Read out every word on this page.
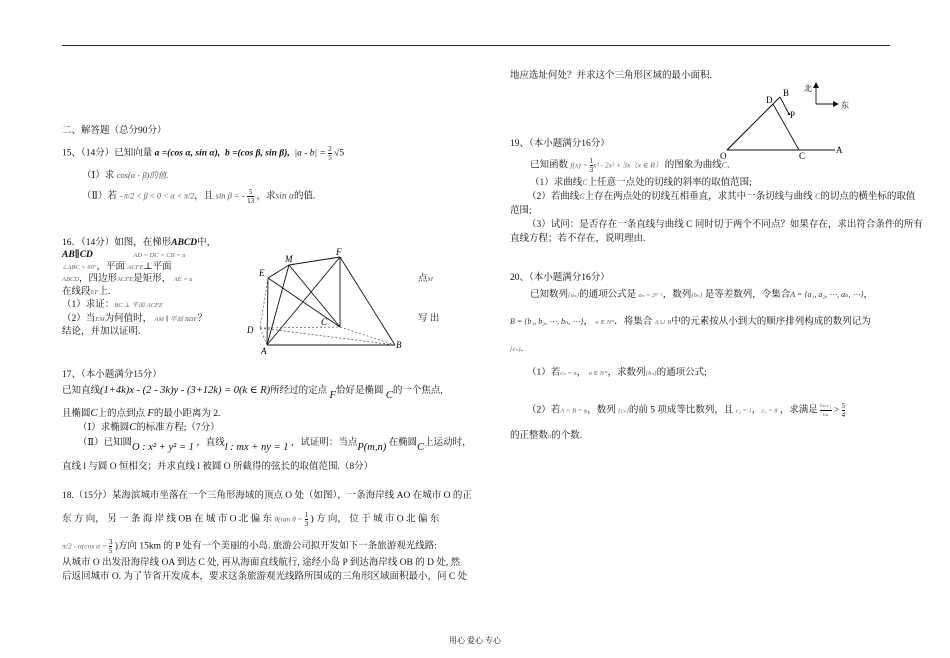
二、解答题（总分90分）
15、（14分）已知向量 a =(cos α, sin α), b =(cos β, sin β), $|a - b| = \frac{2}{5} √5$
（Ⅰ）求 cos(α - β)的值.
（Ⅱ）若 - π/2 < β < 0 < α < π/2，且 sin β = - $\frac{5}{13}$ ，求sin α的值.
16．（14分）如图，在梯形ABCD中，
AB∥CD	AD = DC = CB = a
∠ABC = 60°，平面 ACFE⊥平面
ABCD，四边形ACFE是矩形， AE = a	点M
在线段EF上.
（1）求证：BC ⊥ 平面 ACFE
（2）当EM为何值时， AM ∥ 平面 BDF？	写 出
结论，并加以证明.
M
F
E
C
D
A
B
17、（本小题满分15分）
已知直线(1+4k)x - (2 - 3k)y - (3+12k) = 0(k ∈ R)所经过的定点 F恰好是椭圆 C的一个焦点,
且椭圆C上的点到点 F的最小距离为 2.
（Ⅰ）求椭圆C的标准方程;（7分）
（Ⅱ）已知圆O : x² + y² = 1 ，直线l : mx + ny = 1 ，试证明：当点P(m,n) 在椭圆C上运动时，
直线 l 与圆 O 恒相交；并求直线 l 被圆 O 所截得的弦长的取值范围.（8分）
18.（15分）某海滨城市坐落在一个三角形海域的顶点 O 处（如图），一条海岸线 AO 在城市 O 的正
东 方 向， 另 一 条 海 岸 线 OB 在 城 市 O 北 偏 东 θ(tan $\theta = \frac{1}{3}$ ) 方 向， 位 于 城 市 O 北 偏 东
π/2 - α(cos $\alpha = \frac{3}{5}$ )方向 15km 的 P 处有一个美丽的小岛. 旅游公司拟开发如下一条旅游观光线路:
从城市 O 出发沿海岸线 OA 到达 C 处, 再从海面直线航行, 途经小岛 P 到达海岸线 OB 的 D 处, 然
后返回城市 O. 为了节省开发成本，要求这条旅游观光线路所围成的三角形区域面积最小，问 C 处
地应选址何处？并求这个三角形区域的最小面积.
B
D
P
O	C
A
北
东
19、（本小题满分16分）
已知函数 $f(x) = \frac{1}{3} x^3 - 2x^2 + 3x(x$ ∈ R） 的图象为曲线C.
（1）求曲线C上任意一点处的切线的斜率的取值范围;
（2）若曲线C上存在两点处的切线互相垂直，求其中一条切线与曲线 C的切点的横坐标的取值
范围;
（3）试问：是否存在一条直线与曲线 C 同时切于两个不同点？如果存在，求出符合条件的所有
直线方程；若不存在，说明理由.
20、（本小题满分16分）
已知数列{aₙ}的通项公式是 aₙ = 2ⁿ⁻¹，数列{bₙ} 是等差数列，令集合A = {a₁, a₂, ⋯, aₙ, ⋯}，
B = {b₁, b₂, ⋯, bₙ, ⋯}， n ∈ N*．将集合 A ∪ B中的元素按从小到大的顺序排列构成的数列记为
{cₙ}.
（1）若cₙ = n， n ∈ N*，求数列{bₙ}的通项公式;
（2）若A ∩ B = φ，数列 {cₙ}的前 5 项成等比数列，且 c₁ = 1，c₅ = 8 ，求满足 $\frac{\text{cₙ₊₁}}{\text{cₙ}} > \frac{5}{4}$
的正整数n的个数.
用心 爱心 专心
